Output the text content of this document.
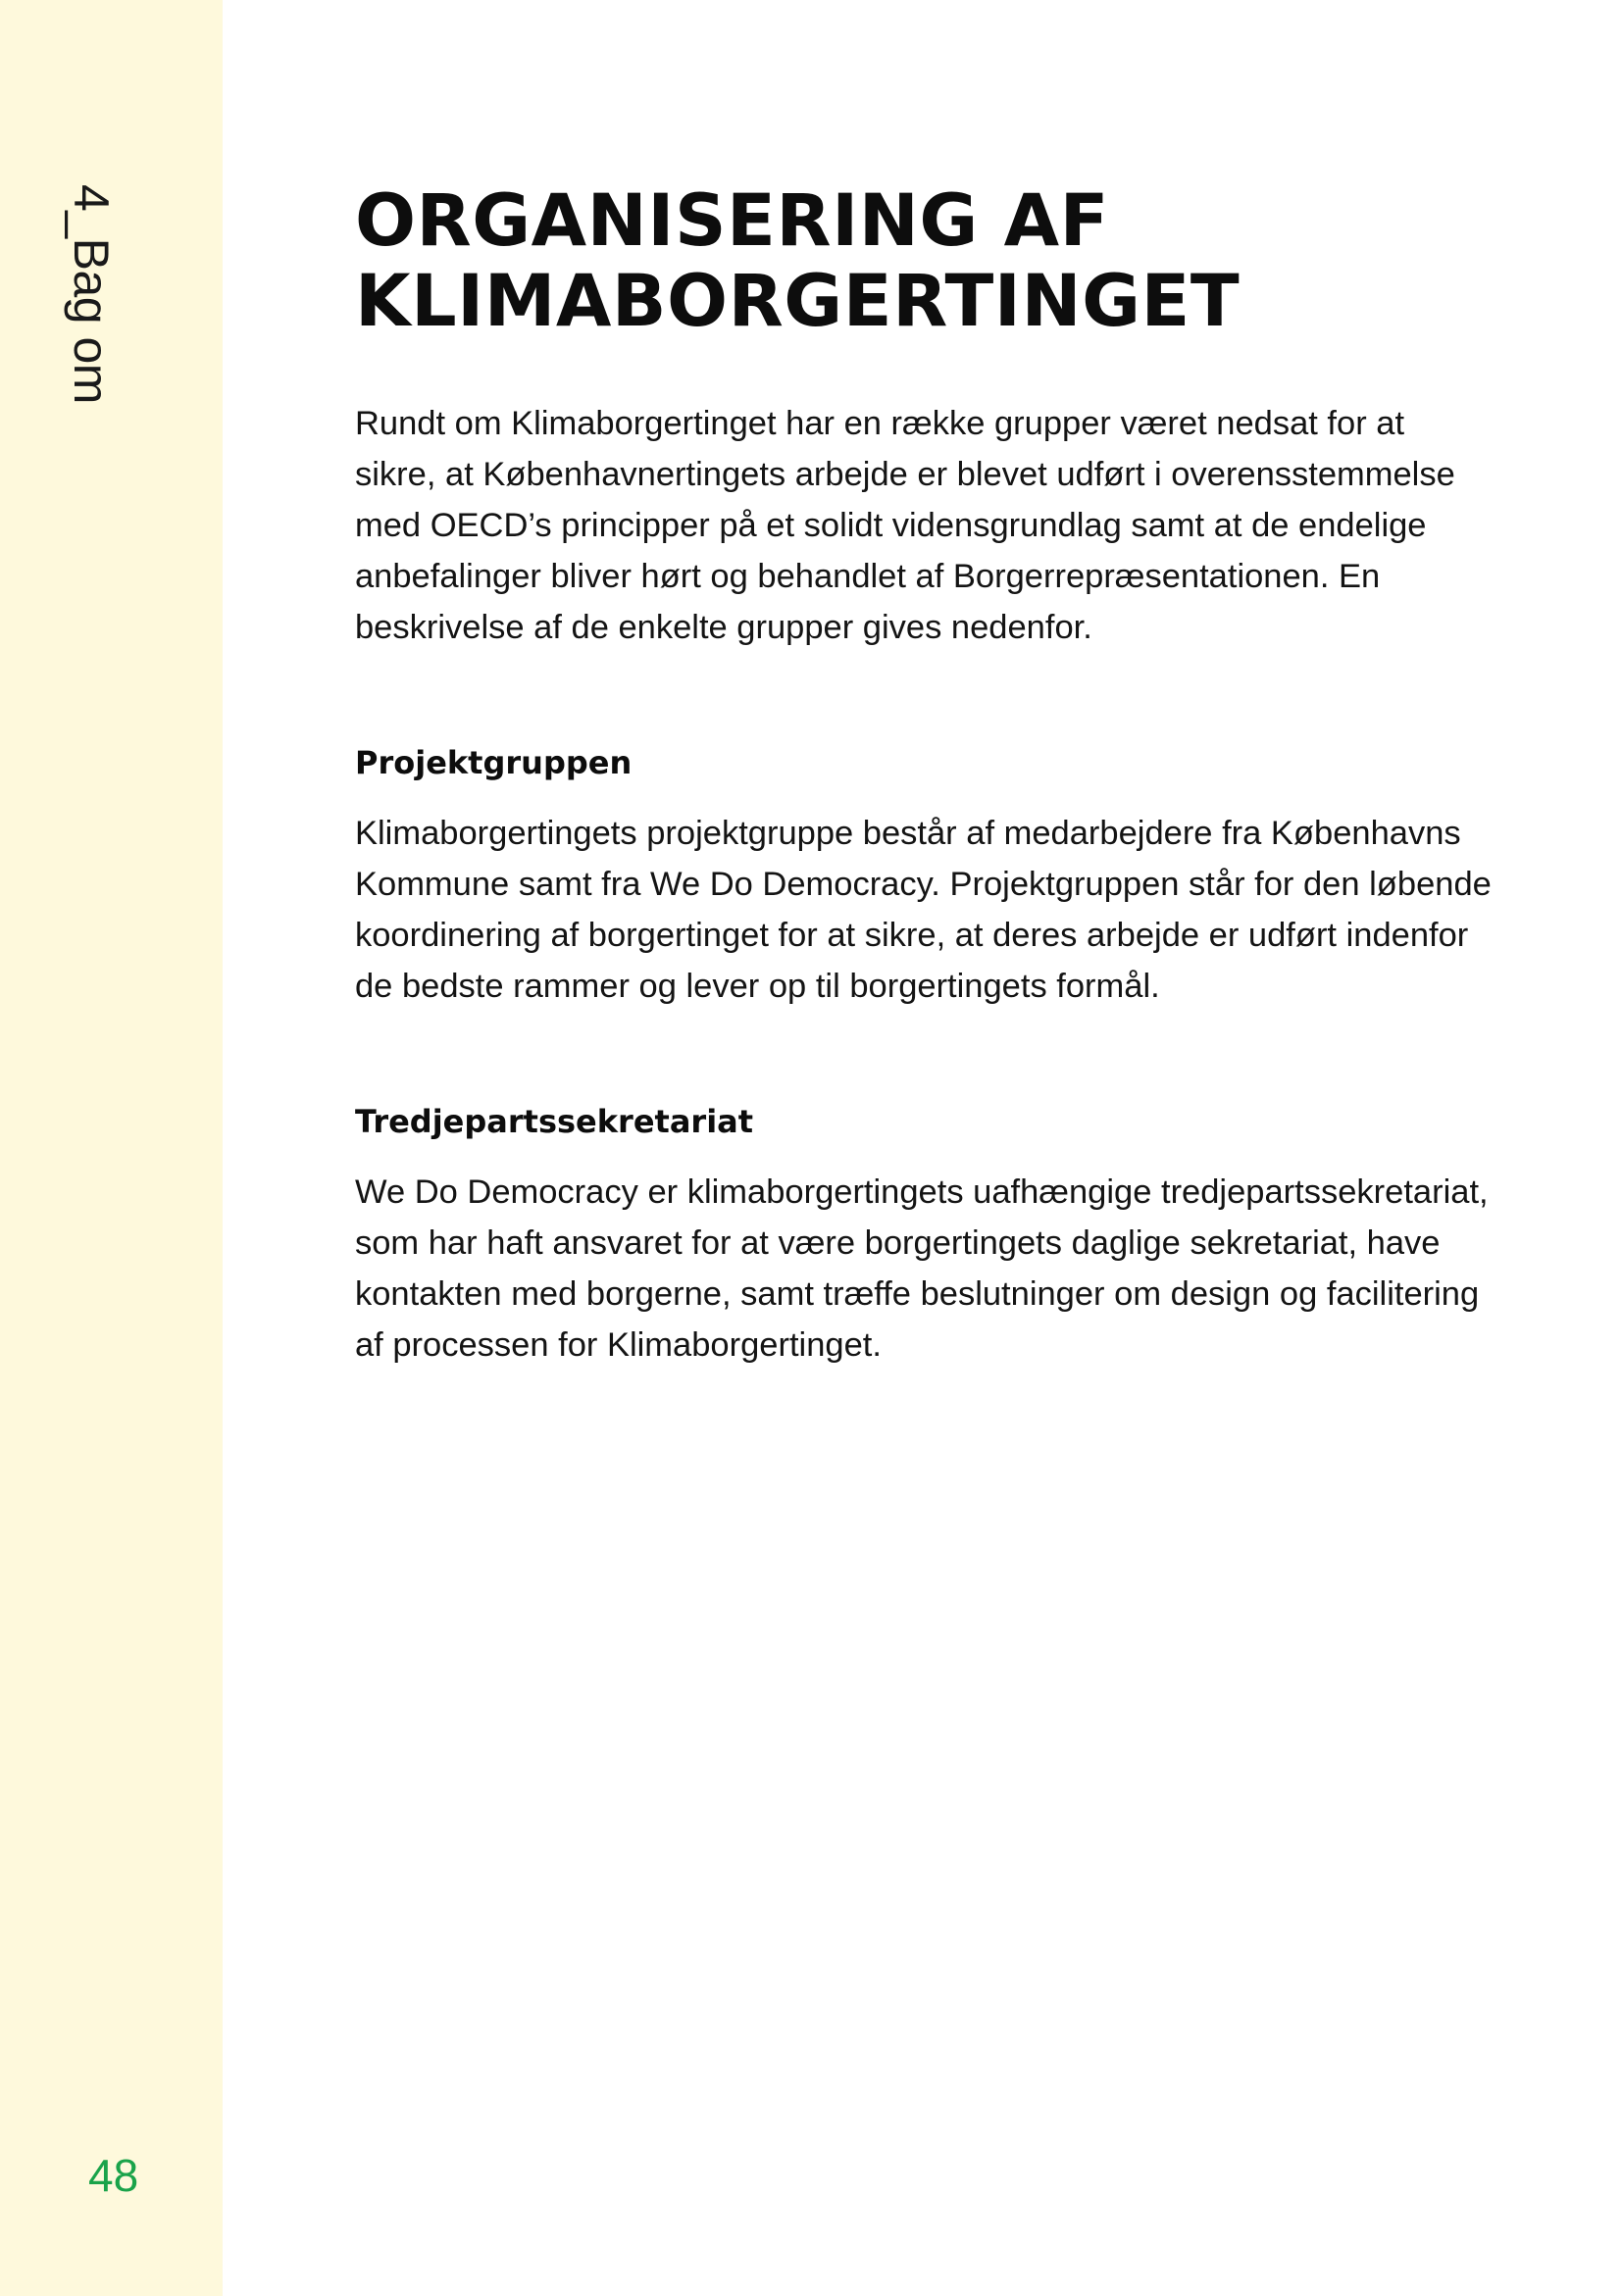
4_Bag om
48
ORGANISERING AF KLIMABORGERTINGET

Rundt om Klimaborgertinget har en række grupper været nedsat for at sikre, at Københavnertingets arbejde er blevet udført i overensstemmelse med OECD’s principper på et solidt vidensgrundlag samt at de endelige anbefalinger bliver hørt og behandlet af Borgerrepræsentationen. En beskrivelse af de enkelte grupper gives nedenfor.

Projektgruppen

Klimaborgertingets projektgruppe består af medarbejdere fra Københavns Kommune samt fra We Do Democracy. Projektgruppen står for den løbende koordinering af borgertinget for at sikre, at deres arbejde er udført indenfor de bedste rammer og lever op til borgertingets formål.

Tredjepartssekretariat

We Do Democracy er klimaborgertingets uafhængige tredjepartssekretariat, som har haft ansvaret for at være borgertingets daglige sekretariat, have kontakten med borgerne, samt træffe beslutninger om design og facilitering af processen for Klimaborgertinget.
